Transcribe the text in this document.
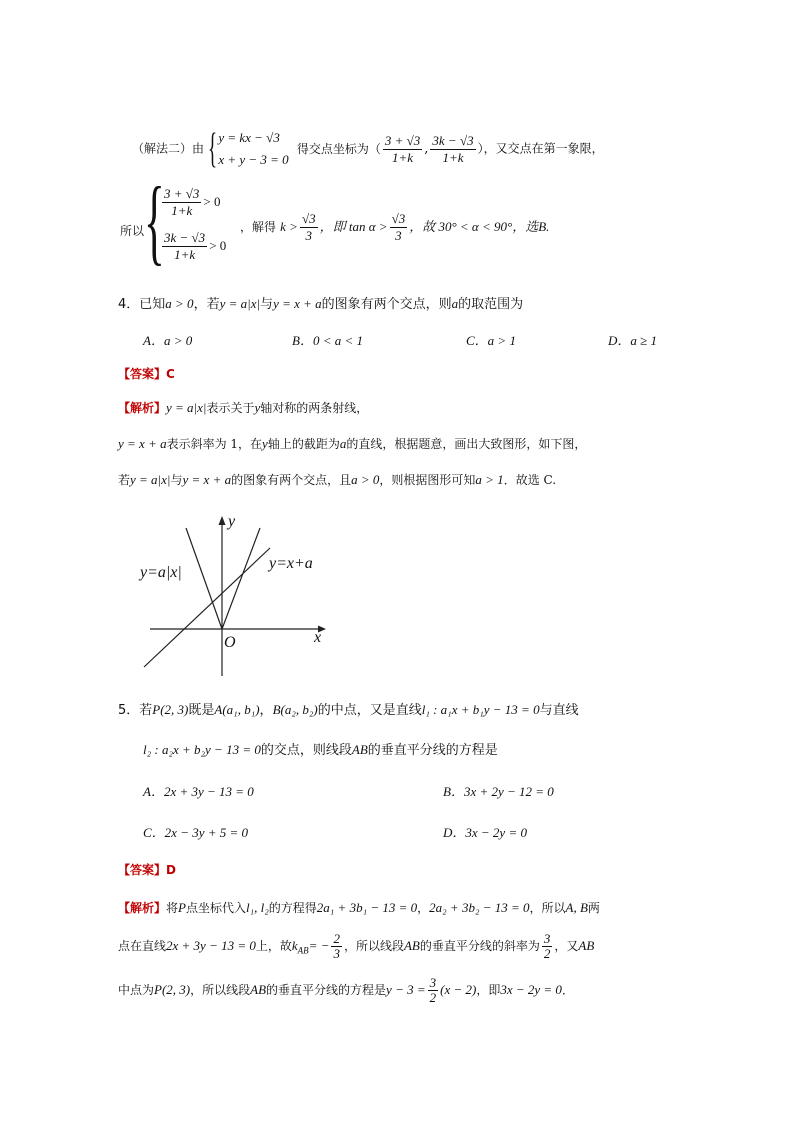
（解法二）由 { y = kx − √3
x + y − 3 = 0
得交点坐标为（ $\frac{3 + √3}{1+k}$ , $\frac{3k - √3}{1+k}$ ），又交点在第一象限，
所以 {
$\frac{3 + √3}{1+k} > 0$
$\frac{3k - √3}{1+k} > 0$
，解得 $k > \frac{√3}{3}$ ，即 $\tan \alpha > \frac{√3}{3}$ ，故 30° < α < 90°，选B.
4．已知a > 0，若y = a|x|与y = x + a的图象有两个交点，则a的取范围为
A．a > 0	B．0 < a < 1	C．a > 1	D．a ≥ 1
【答案】C
【解析】y = a|x|表示关于y轴对称的两条射线，
y = x + a表示斜率为 1，在y轴上的截距为a的直线，根据题意，画出大致图形，如下图，
若y = a|x|与y = x + a的图象有两个交点，且a > 0，则根据图形可知a > 1．故选 C.
y=a|x|
y=x+a
x
y
O
5．若P(2, 3)既是A(a₁, b₁)，B(a₂, b₂)的中点，又是直线l₁ : a₁x + b₁y − 13 = 0与直线
l₂ : a₂x + b₂y − 13 = 0的交点，则线段AB的垂直平分线的方程是
A．2x + 3y − 13 = 0	B．3x + 2y − 12 = 0
C．2x − 3y + 5 = 0	D．3x − 2y = 0
【答案】D
【解析】将P点坐标代入l₁, l₂的方程得2a₁ + 3b₁ − 13 = 0，2a₂ + 3b₂ − 13 = 0，所以A, B两
点在直线2x + 3y − 13 = 0上，故$k_{AB}= - \frac{2}{3}$ ，所以线段AB的垂直平分线的斜率为 $\frac{3}{2}$ ，又AB
中点为P(2, 3)，所以线段AB的垂直平分线的方程是$y - 3 = \frac{3}{2} (x - 2)$，即3x − 2y = 0．
